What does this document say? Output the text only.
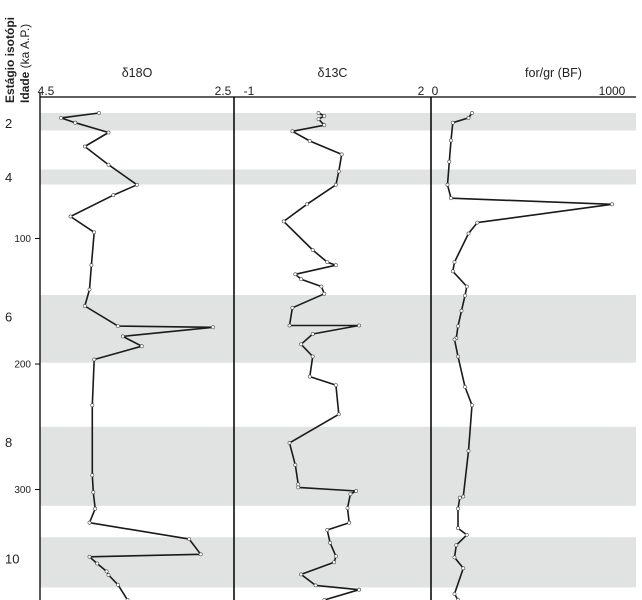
Estágio isotópi Idade (ka A.P.)
100
200
300
2
4
6
8
10
δ18O
4.5	2.5
δ13C
-1	2
for/gr (BF)
0	1000
